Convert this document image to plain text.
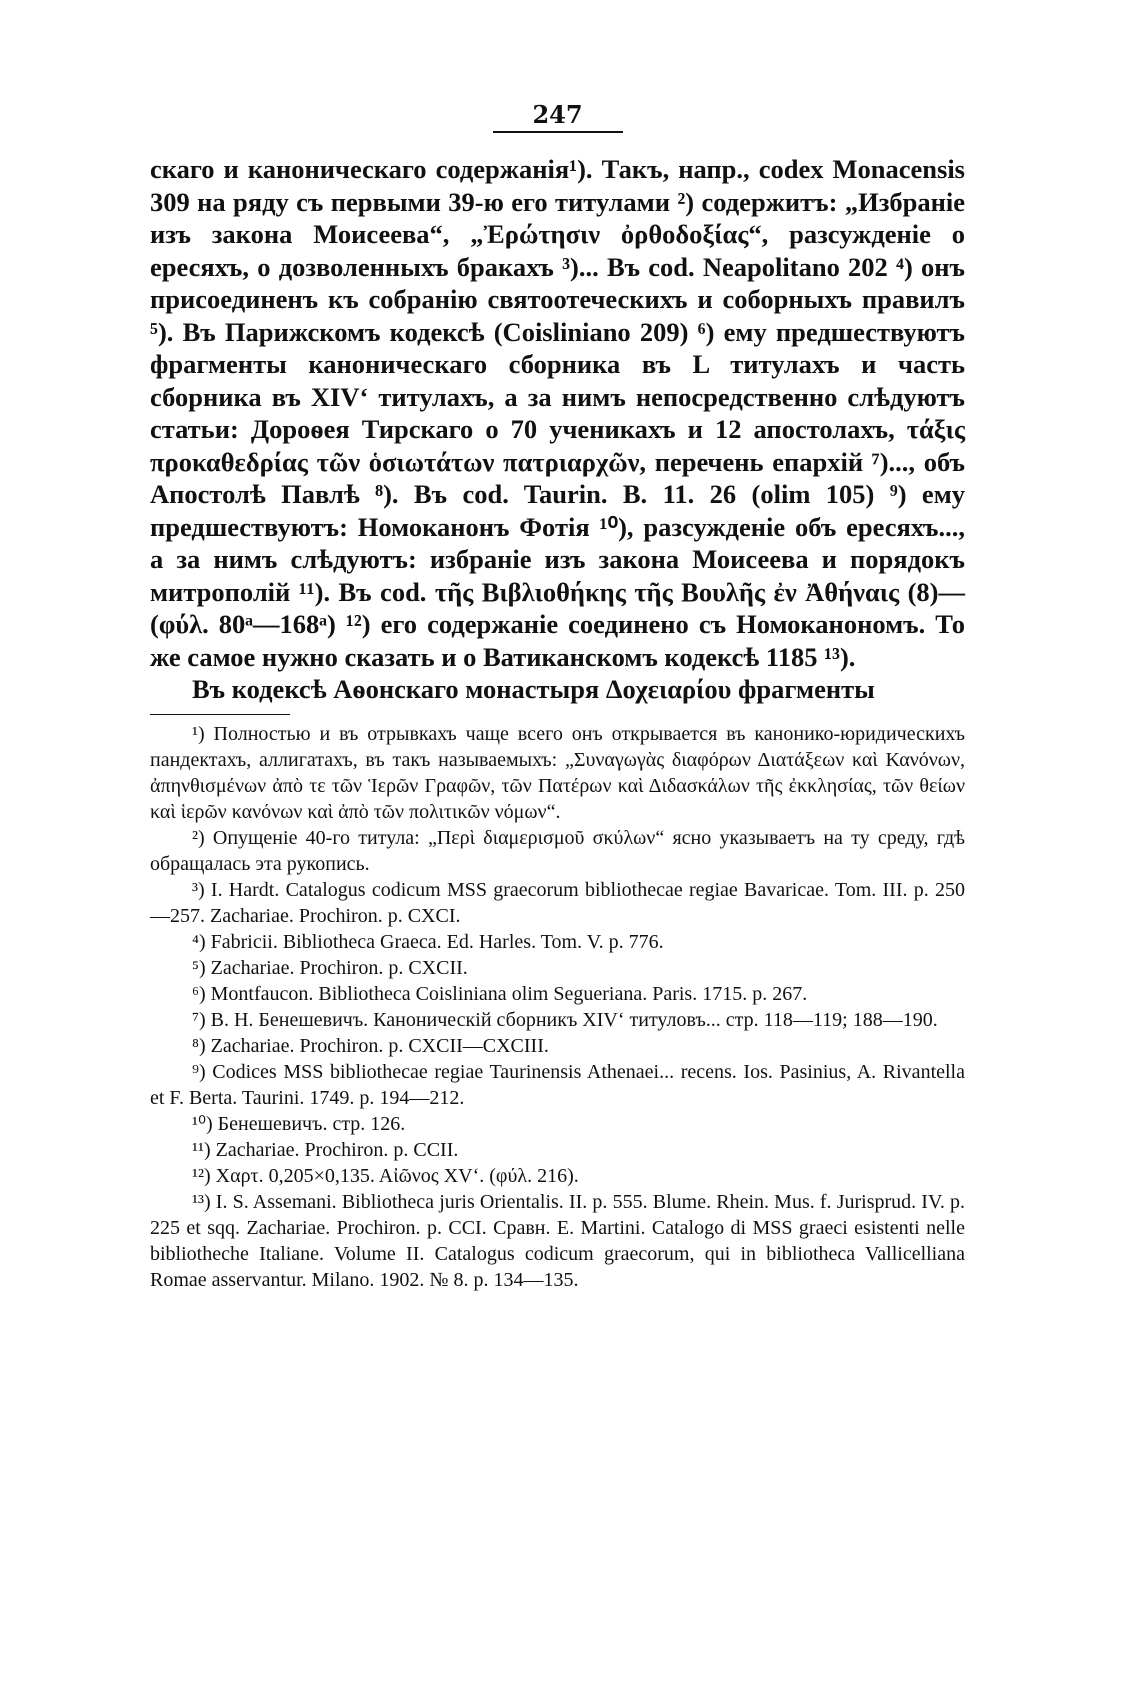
247

скаго и каноническаго содержанія¹). Такъ, напр., codex Monacensis 309 на ряду съ первыми 39-ю его титулами ²) содержитъ: „Избраніе изъ закона Моисеева“, „Ἐρώτησιν ὀρθοδοξίας“, разсужденіе о ересяхъ, о дозволенныхъ бракахъ ³)... Въ cod. Neapolitano 202 ⁴) онъ присоединенъ къ собранію святоотеческихъ и соборныхъ правилъ ⁵). Въ Парижскомъ кодексѣ (Coisliniano 209) ⁶) ему предшествуютъ фрагменты каноническаго сборника въ L титулахъ и часть сборника въ XIVʻ титулахъ, а за нимъ непосредственно слѣдуютъ статьи: Дороѳея Тирскаго о 70 ученикахъ и 12 апостолахъ, τάξις προκαθεδρίας τῶν ὁσιωτάτων πατριαρχῶν, перечень епархій ⁷)..., объ Апостолѣ Павлѣ ⁸). Въ cod. Taurin. B. 11. 26 (olim 105) ⁹) ему предшествуютъ: Номоканонъ Фотія ¹⁰), разсужденіе объ ересяхъ..., а за нимъ слѣдуютъ: избраніе изъ закона Моисеева и порядокъ митрополій ¹¹). Въ cod. τῆς Βιβλιοθήκης τῆς Βουλῆς ἐν Ἀθήναις (8)—(φύλ. 80ᵃ—168ᵃ) ¹²) его содержаніе соединено съ Номоканономъ. То же самое нужно сказать и о Ватиканскомъ кодексѣ 1185 ¹³).

Въ кодексѣ Аѳонскаго монастыря Δοχειαρίου фрагменты

¹) Полностью и въ отрывкахъ чаще всего онъ открывается въ канонико-юридическихъ пандектахъ, аллигатахъ, въ такъ называемыхъ: „Συναγωγὰς διαφόρων Διατάξεων καὶ Κανόνων, ἀπηνθισμένων ἀπὸ τε τῶν Ἱερῶν Γραφῶν, τῶν Πατέρων καὶ Διδασκάλων τῆς ἐκκλησίας, τῶν θείων καὶ ἱερῶν κανόνων καὶ ἀπὸ τῶν πολιτικῶν νόμων“.

²) Опущеніе 40-го титула: „Περὶ διαμερισμοῦ σκύλων“ ясно указываетъ на ту среду, гдѣ обращалась эта рукопись.

³) I. Hardt. Catalogus codicum MSS graecorum bibliothecae regiae Bavaricae. Tom. III. p. 250—257. Zachariae. Prochiron. p. CXCI.

⁴) Fabricii. Bibliotheca Graeca. Ed. Harles. Tom. V. p. 776.

⁵) Zachariae. Prochiron. p. CXCII.

⁶) Montfaucon. Bibliotheca Coisliniana olim Segueriana. Paris. 1715. p. 267.

⁷) В. Н. Бенешевичъ. Каноническій сборникъ XIVʻ титуловъ... стр. 118—119; 188—190.

⁸) Zachariae. Prochiron. p. CXCII—CXCIII.

⁹) Codices MSS bibliothecae regiae Taurinensis Athenaei... recens. Ios. Pasinius, A. Rivantella et F. Berta. Taurini. 1749. p. 194—212.

¹⁰) Бенешевичъ. стр. 126.

¹¹) Zachariae. Prochiron. p. CCII.

¹²) Χαρτ. 0,205×0,135. Αἰῶνος XVʻ. (φύλ. 216).

¹³) I. S. Assemani. Bibliotheca juris Orientalis. II. p. 555. Blume. Rhein. Mus. f. Jurisprud. IV. p. 225 et sqq. Zachariae. Prochiron. p. CCI. Сравн. E. Martini. Catalogo di MSS graeci esistenti nelle bibliotheche Italiane. Volume II. Catalogus codicum graecorum, qui in bibliotheca Vallicelliana Romae asservantur. Milano. 1902. № 8. p. 134—135.
